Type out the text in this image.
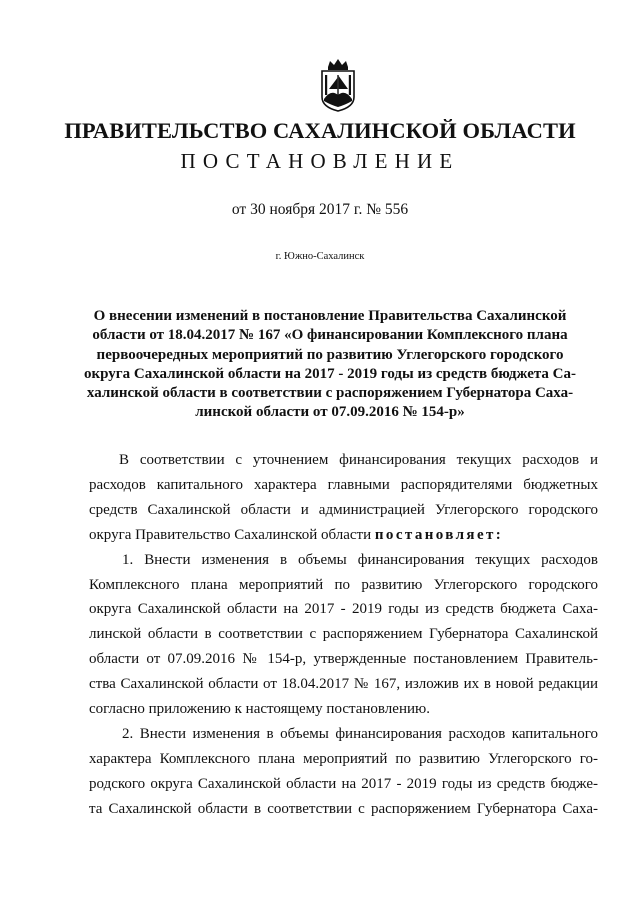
ПРАВИТЕЛЬСТВО САХАЛИНСКОЙ ОБЛАСТИ
ПОСТАНОВЛЕНИЕ
от 30 ноября 2017 г. № 556
г. Южно-Сахалинск
О внесении изменений в постановление Правительства Сахалинской
области от 18.04.2017 № 167 «О финансировании Комплексного плана
первоочередных мероприятий по развитию Углегорского городского
округа Сахалинской области на 2017 - 2019 годы из средств бюджета Са-
халинской области в соответствии с распоряжением Губернатора Саха-
линской области от 07.09.2016 № 154-р»
В соответствии с уточнением финансирования текущих расходов и
расходов капитального характера главными распорядителями бюджетных
средств Сахалинской области и администрацией Углегорского городского
округа Правительство Сахалинской области постановляет:
1. Внести изменения в объемы финансирования текущих расходов
Комплексного плана мероприятий по развитию Углегорского городского
округа Сахалинской области на 2017 - 2019 годы из средств бюджета Саха-
линской области в соответствии с распоряжением Губернатора Сахалинской
области от 07.09.2016 № 154-р, утвержденные постановлением Правитель-
ства Сахалинской области от 18.04.2017 № 167, изложив их в новой редакции
согласно приложению к настоящему постановлению.
2. Внести изменения в объемы финансирования расходов капитального
характера Комплексного плана мероприятий по развитию Углегорского го-
родского округа Сахалинской области на 2017 - 2019 годы из средств бюдже-
та Сахалинской области в соответствии с распоряжением Губернатора Саха-
